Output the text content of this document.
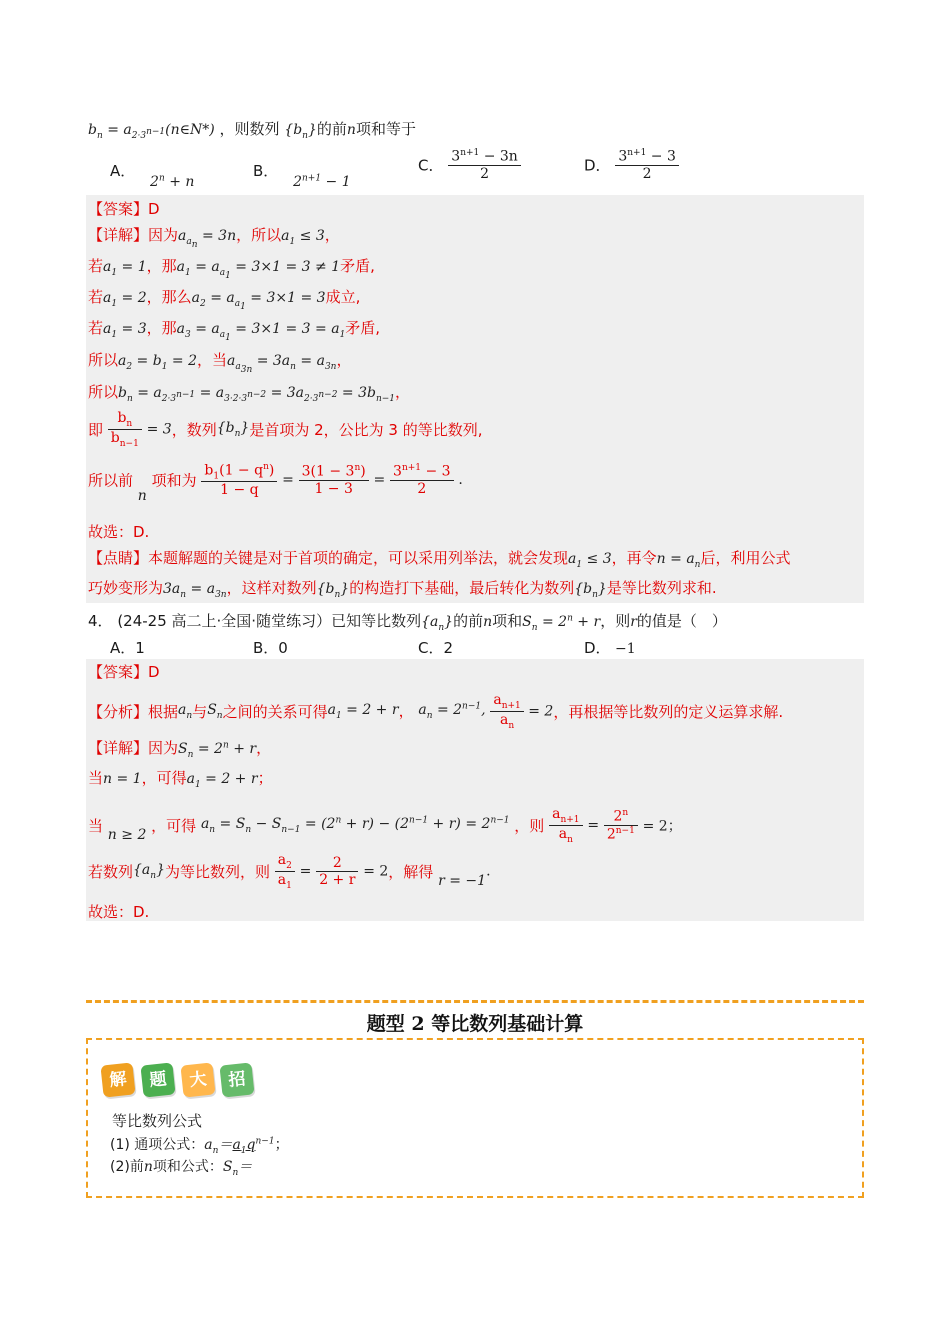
$b_n$ = $a_{2\cdot 3^{n-1}}(n\in N*)$ ，则数列 $\{b_n\}$的前n项和等于
A． $2^n + n$
B． $2^{n+1} - 1$
C． $\frac{3^{n+1} - 3n}{2}$	D． $\frac{3^{n+1} - 3}{2}$
【答案】D
【详解】因为$a_{a_n} = 3n$，所以$a_1 \le 3$，
若$a_1 = 1$，那$a_1 = a_{a_1} = 3\times 1 = 3 \ne 1$矛盾,
若$a_1 = 2$，那么$a_2 = a_{a_1} = 3\times 1 = 3$成立,
若$a_1 = 3$，那$a_3 = a_{a_1} = 3\times 1 = 3 = a_1$矛盾,
所以$a_2 = b_1 = 2$，当$a_{a_{3n}} = 3a_n = a_{3n}$，
所以$b_n = a_{2\cdot 3^{n-1}} = a_{3\cdot 2\cdot 3^{n-2}} = 3a_{2\cdot 3^{n-2}} = 3b_{n-1}$，
即 $\frac{b_n}{b_{n-1}} = 3$，数列$\{b_n\}$是首项为 2，公比为 3 的等比数列,
所以前 n 项和为 $\frac{b_1(1 - q^n)}{1 - q} = \frac{3(1 - 3^n)}{1 - 3} = \frac{3^{n+1} - 3}{2}$ .
故选：D.
【点睛】本题解题的关键是对于首项的确定，可以采用列举法，就会发现$a_1 \le 3$，再令$n = a_n$后，利用公式
巧妙变形为$3a_n = a_{3n}$，这样对数列$\{b_n\}$的构造打下基础，最后转化为数列$\{b_n\}$是等比数列求和.
4． (24-25 高二上·全国·随堂练习）已知等比数列$\{a_n\}$的前n项和$S_n = 2^n + r$，则r的值是（　）
A．1	B．0	C．2	D． −1
【答案】D
【分析】根据$a_n$与$S_n$之间的关系可得$a_1 = 2 + r$， $a_n = 2^{n-1}$, $\frac{a_{n+1}}{a_n} = 2$，再根据等比数列的定义运算求解.
【详解】因为$S_n = 2^n + r$，
当n = 1，可得$a_1 = 2 + r$；
当 n ≥ 2 ，可得 $a_n = S_n - S_{n-1} = (2^n + r) - (2^{n-1} + r) = 2^{n-1}$ ，则 $\frac{a_{n+1}}{a_n} = \frac{2^n}{2^{n-1}} = 2$；
若数列$\{a_n\}$为等比数列，则 $\frac{a_2}{a_1} = \frac{2}{2 + r} = 2$，解得 r = −1.
故选：D.
题型 2 等比数列基础计算
解 题 大 招
等比数列公式
(1) 通项公式：$a_n=a_1q^{n-1}$；
(2)前n项和公式：$S_n=$
